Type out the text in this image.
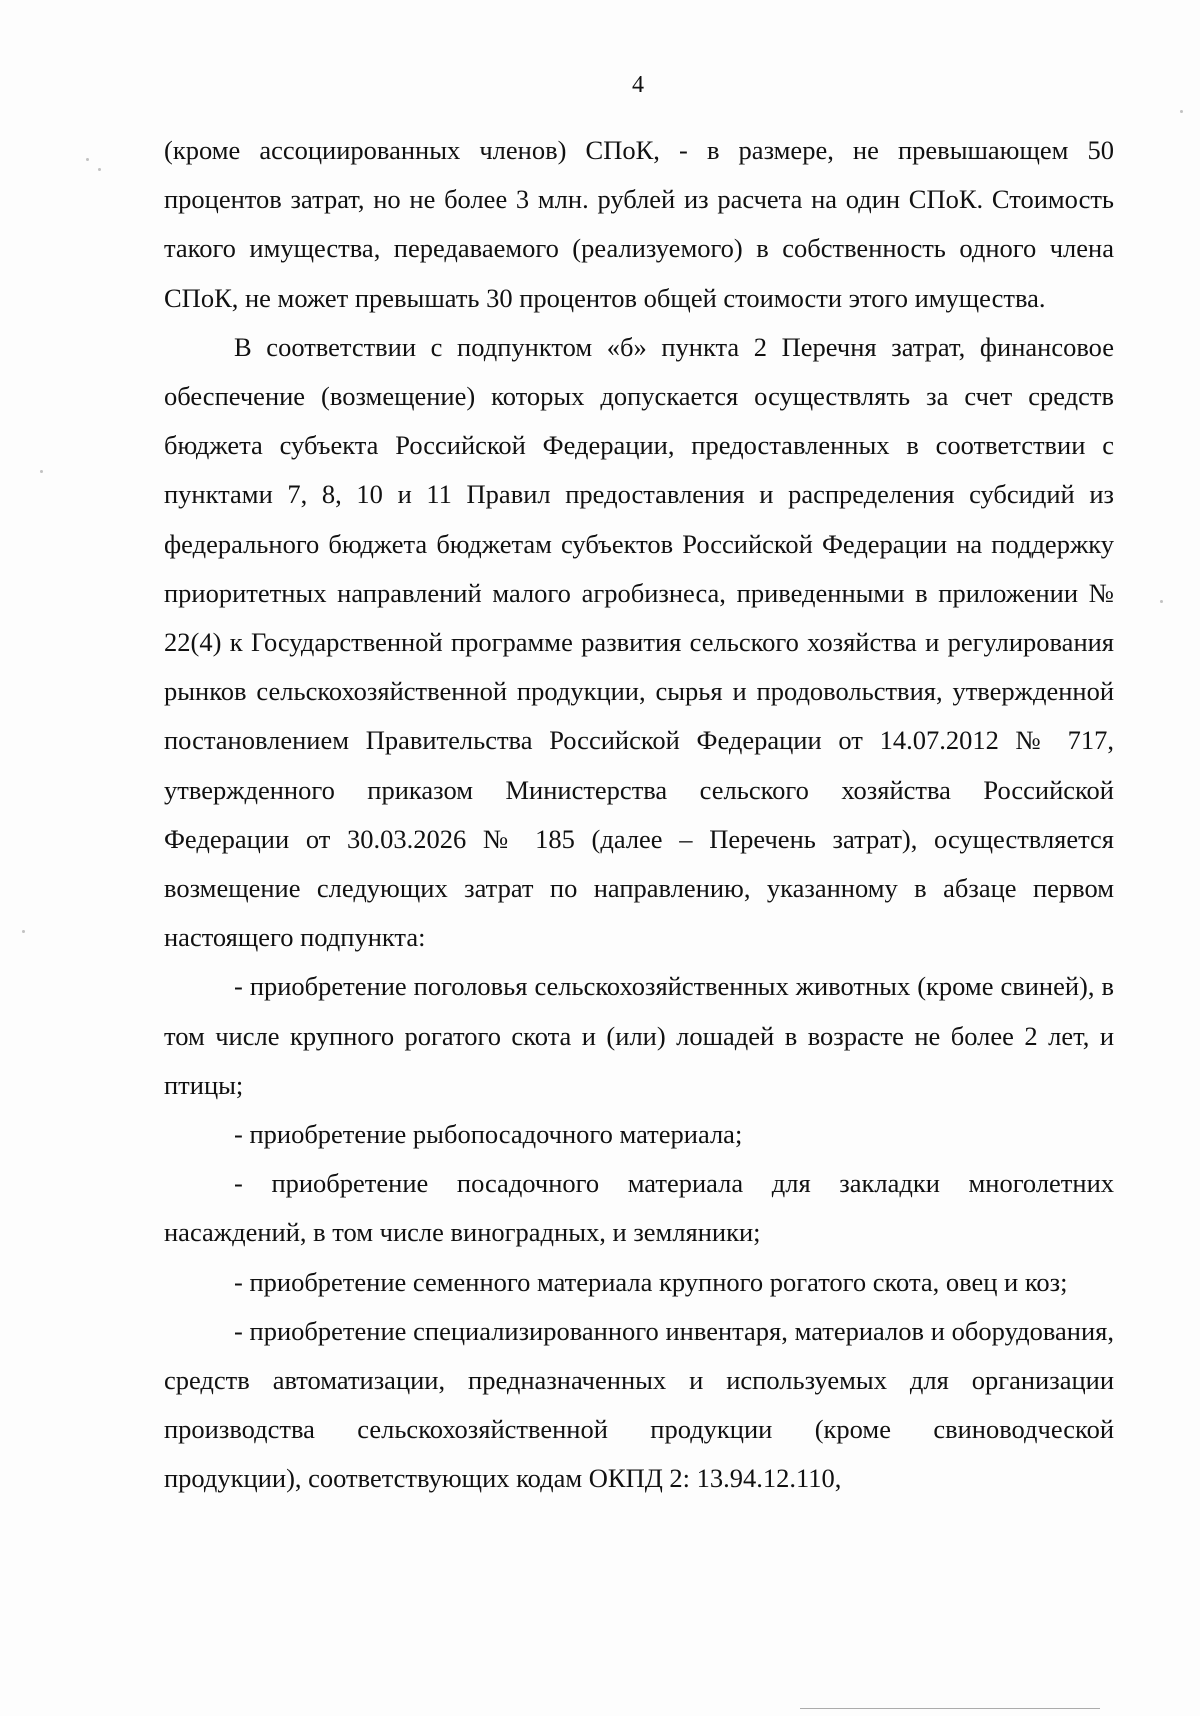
4

(кроме ассоциированных членов) СПоК, - в размере, не превышающем 50 процентов затрат, но не более 3 млн. рублей из расчета на один СПоК. Стоимость такого имущества, передаваемого (реализуемого) в собственность одного члена СПоК, не может превышать 30 процентов общей стоимости этого имущества.

В соответствии с подпунктом «б» пункта 2 Перечня затрат, финансовое обеспечение (возмещение) которых допускается осуществлять за счет средств бюджета субъекта Российской Федерации, предоставленных в соответствии с пунктами 7, 8, 10 и 11 Правил предоставления и распределения субсидий из федерального бюджета бюджетам субъектов Российской Федерации на поддержку приоритетных направлений малого агробизнеса, приведенными в приложении № 22(4) к Государственной программе развития сельского хозяйства и регулирования рынков сельскохозяйственной продукции, сырья и продовольствия, утвержденной постановлением Правительства Российской Федерации от 14.07.2012 № 717, утвержденного приказом Министерства сельского хозяйства Российской Федерации от 30.03.2026 № 185 (далее – Перечень затрат), осуществляется возмещение следующих затрат по направлению, указанному в абзаце первом настоящего подпункта:

- приобретение поголовья сельскохозяйственных животных (кроме свиней), в том числе крупного рогатого скота и (или) лошадей в возрасте не более 2 лет, и птицы;

- приобретение рыбопосадочного материала;

- приобретение посадочного материала для закладки многолетних насаждений, в том числе виноградных, и земляники;

- приобретение семенного материала крупного рогатого скота, овец и коз;

- приобретение специализированного инвентаря, материалов и оборудования, средств автоматизации, предназначенных и используемых для организации производства сельскохозяйственной продукции (кроме свиноводческой продукции), соответствующих кодам ОКПД 2: 13.94.12.110,
